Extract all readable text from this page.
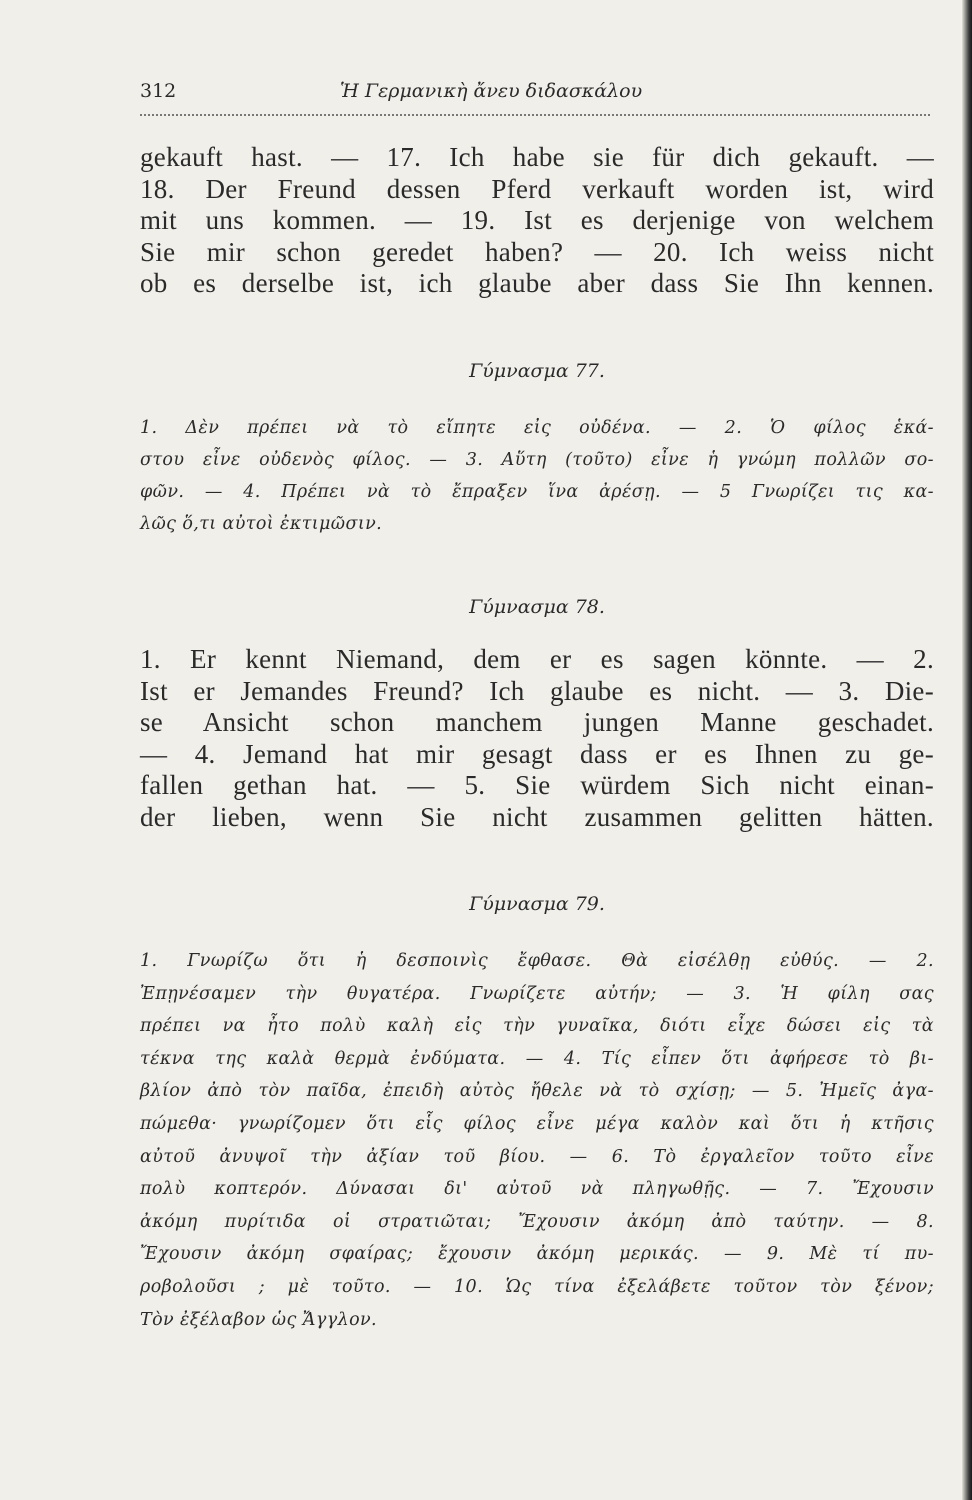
312	Ἡ Γερμανικὴ ἄνευ διδασκάλου
gekauft hast. — 17. Ich habe sie für dich gekauft. —
18. Der Freund dessen Pferd verkauft worden ist, wird
mit uns kommen. — 19. Ist es derjenige von welchem
Sie mir schon geredet haben? — 20. Ich weiss nicht
ob es derselbe ist, ich glaube aber dass Sie Ihn kennen.
Γύμνασμα 77.
1. Δὲν πρέπει νὰ τὸ εἴπητε εἰς οὐδένα. — 2. Ὁ φίλος ἑκά-
στου εἶνε οὐδενὸς φίλος. — 3. Αὕτη (τοῦτο) εἶνε ἡ γνώμη πολλῶν σο-
φῶν. — 4. Πρέπει νὰ τὸ ἔπραξεν ἵνα ἀρέσῃ. — 5 Γνωρίζει τις κα-
λῶς ὅ,τι αὐτοὶ ἐκτιμῶσιν.
Γύμνασμα 78.
1. Er kennt Niemand, dem er es sagen könnte. — 2.
Ist er Jemandes Freund? Ich glaube es nicht. — 3. Die-
se Ansicht schon manchem jungen Manne geschadet.
— 4. Jemand hat mir gesagt dass er es Ihnen zu ge-
fallen gethan hat. — 5. Sie würdem Sich nicht einan-
der lieben, wenn Sie nicht zusammen gelitten hätten.
Γύμνασμα 79.
1. Γνωρίζω ὅτι ἡ δεσποινὶς ἔφθασε. Θὰ εἰσέλθῃ εὐθύς. — 2.
Ἐπῃνέσαμεν τὴν θυγατέρα. Γνωρίζετε αὐτήν; — 3. Ἡ φίλη σας
πρέπει να ἦτο πολὺ καλὴ εἰς τὴν γυναῖκα, διότι εἶχε δώσει εἰς τὰ
τέκνα της καλὰ θερμὰ ἐνδύματα. — 4. Τίς εἶπεν ὅτι ἀφήρεσε τὸ βι-
βλίον ἀπὸ τὸν παῖδα, ἐπειδὴ αὐτὸς ἤθελε νὰ τὸ σχίσῃ; — 5. Ἠμεῖς ἀγα-
πώμεθα· γνωρίζομεν ὅτι εἷς φίλος εἶνε μέγα καλὸν καὶ ὅτι ἡ κτῆσις
αὐτοῦ ἀνυψοῖ τὴν ἀξίαν τοῦ βίου. — 6. Τὸ ἐργαλεῖον τοῦτο εἶνε
πολὺ κοπτερόν. Δύνασαι δι' αὐτοῦ νὰ πληγωθῇς. — 7. Ἔχουσιν
ἀκόμη πυρίτιδα οἱ στρατιῶται; Ἔχουσιν ἀκόμη ἀπὸ ταύτην. — 8.
Ἔχουσιν ἀκόμη σφαίρας; ἔχουσιν ἀκόμη μερικάς. — 9. Μὲ τί πυ-
ροβολοῦσι ; μὲ τοῦτο. — 10. Ὡς τίνα ἐξελάβετε τοῦτον τὸν ξένον;
Τὸν ἐξέλαβον ὡς Ἄγγλον.
